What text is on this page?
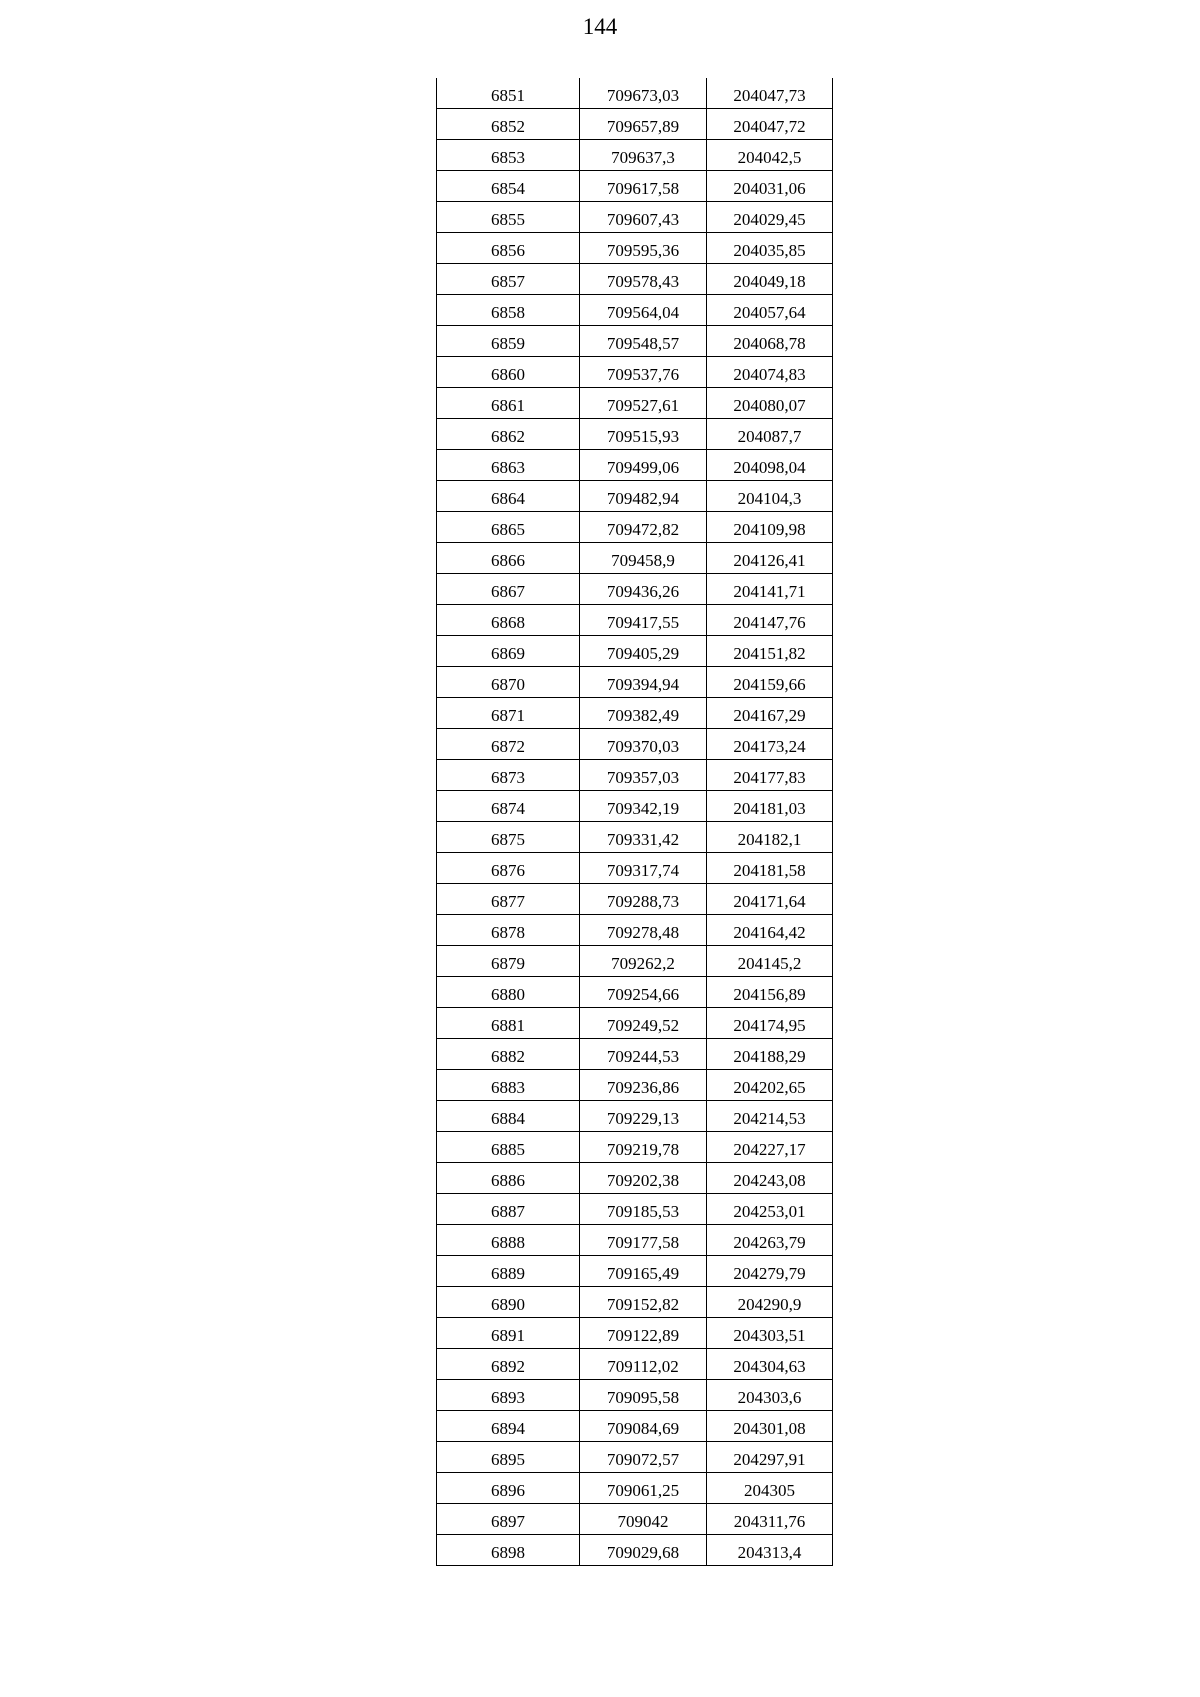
144
6851	709673,03	204047,73
6852	709657,89	204047,72
6853	709637,3	204042,5
6854	709617,58	204031,06
6855	709607,43	204029,45
6856	709595,36	204035,85
6857	709578,43	204049,18
6858	709564,04	204057,64
6859	709548,57	204068,78
6860	709537,76	204074,83
6861	709527,61	204080,07
6862	709515,93	204087,7
6863	709499,06	204098,04
6864	709482,94	204104,3
6865	709472,82	204109,98
6866	709458,9	204126,41
6867	709436,26	204141,71
6868	709417,55	204147,76
6869	709405,29	204151,82
6870	709394,94	204159,66
6871	709382,49	204167,29
6872	709370,03	204173,24
6873	709357,03	204177,83
6874	709342,19	204181,03
6875	709331,42	204182,1
6876	709317,74	204181,58
6877	709288,73	204171,64
6878	709278,48	204164,42
6879	709262,2	204145,2
6880	709254,66	204156,89
6881	709249,52	204174,95
6882	709244,53	204188,29
6883	709236,86	204202,65
6884	709229,13	204214,53
6885	709219,78	204227,17
6886	709202,38	204243,08
6887	709185,53	204253,01
6888	709177,58	204263,79
6889	709165,49	204279,79
6890	709152,82	204290,9
6891	709122,89	204303,51
6892	709112,02	204304,63
6893	709095,58	204303,6
6894	709084,69	204301,08
6895	709072,57	204297,91
6896	709061,25	204305
6897	709042	204311,76
6898	709029,68	204313,4
